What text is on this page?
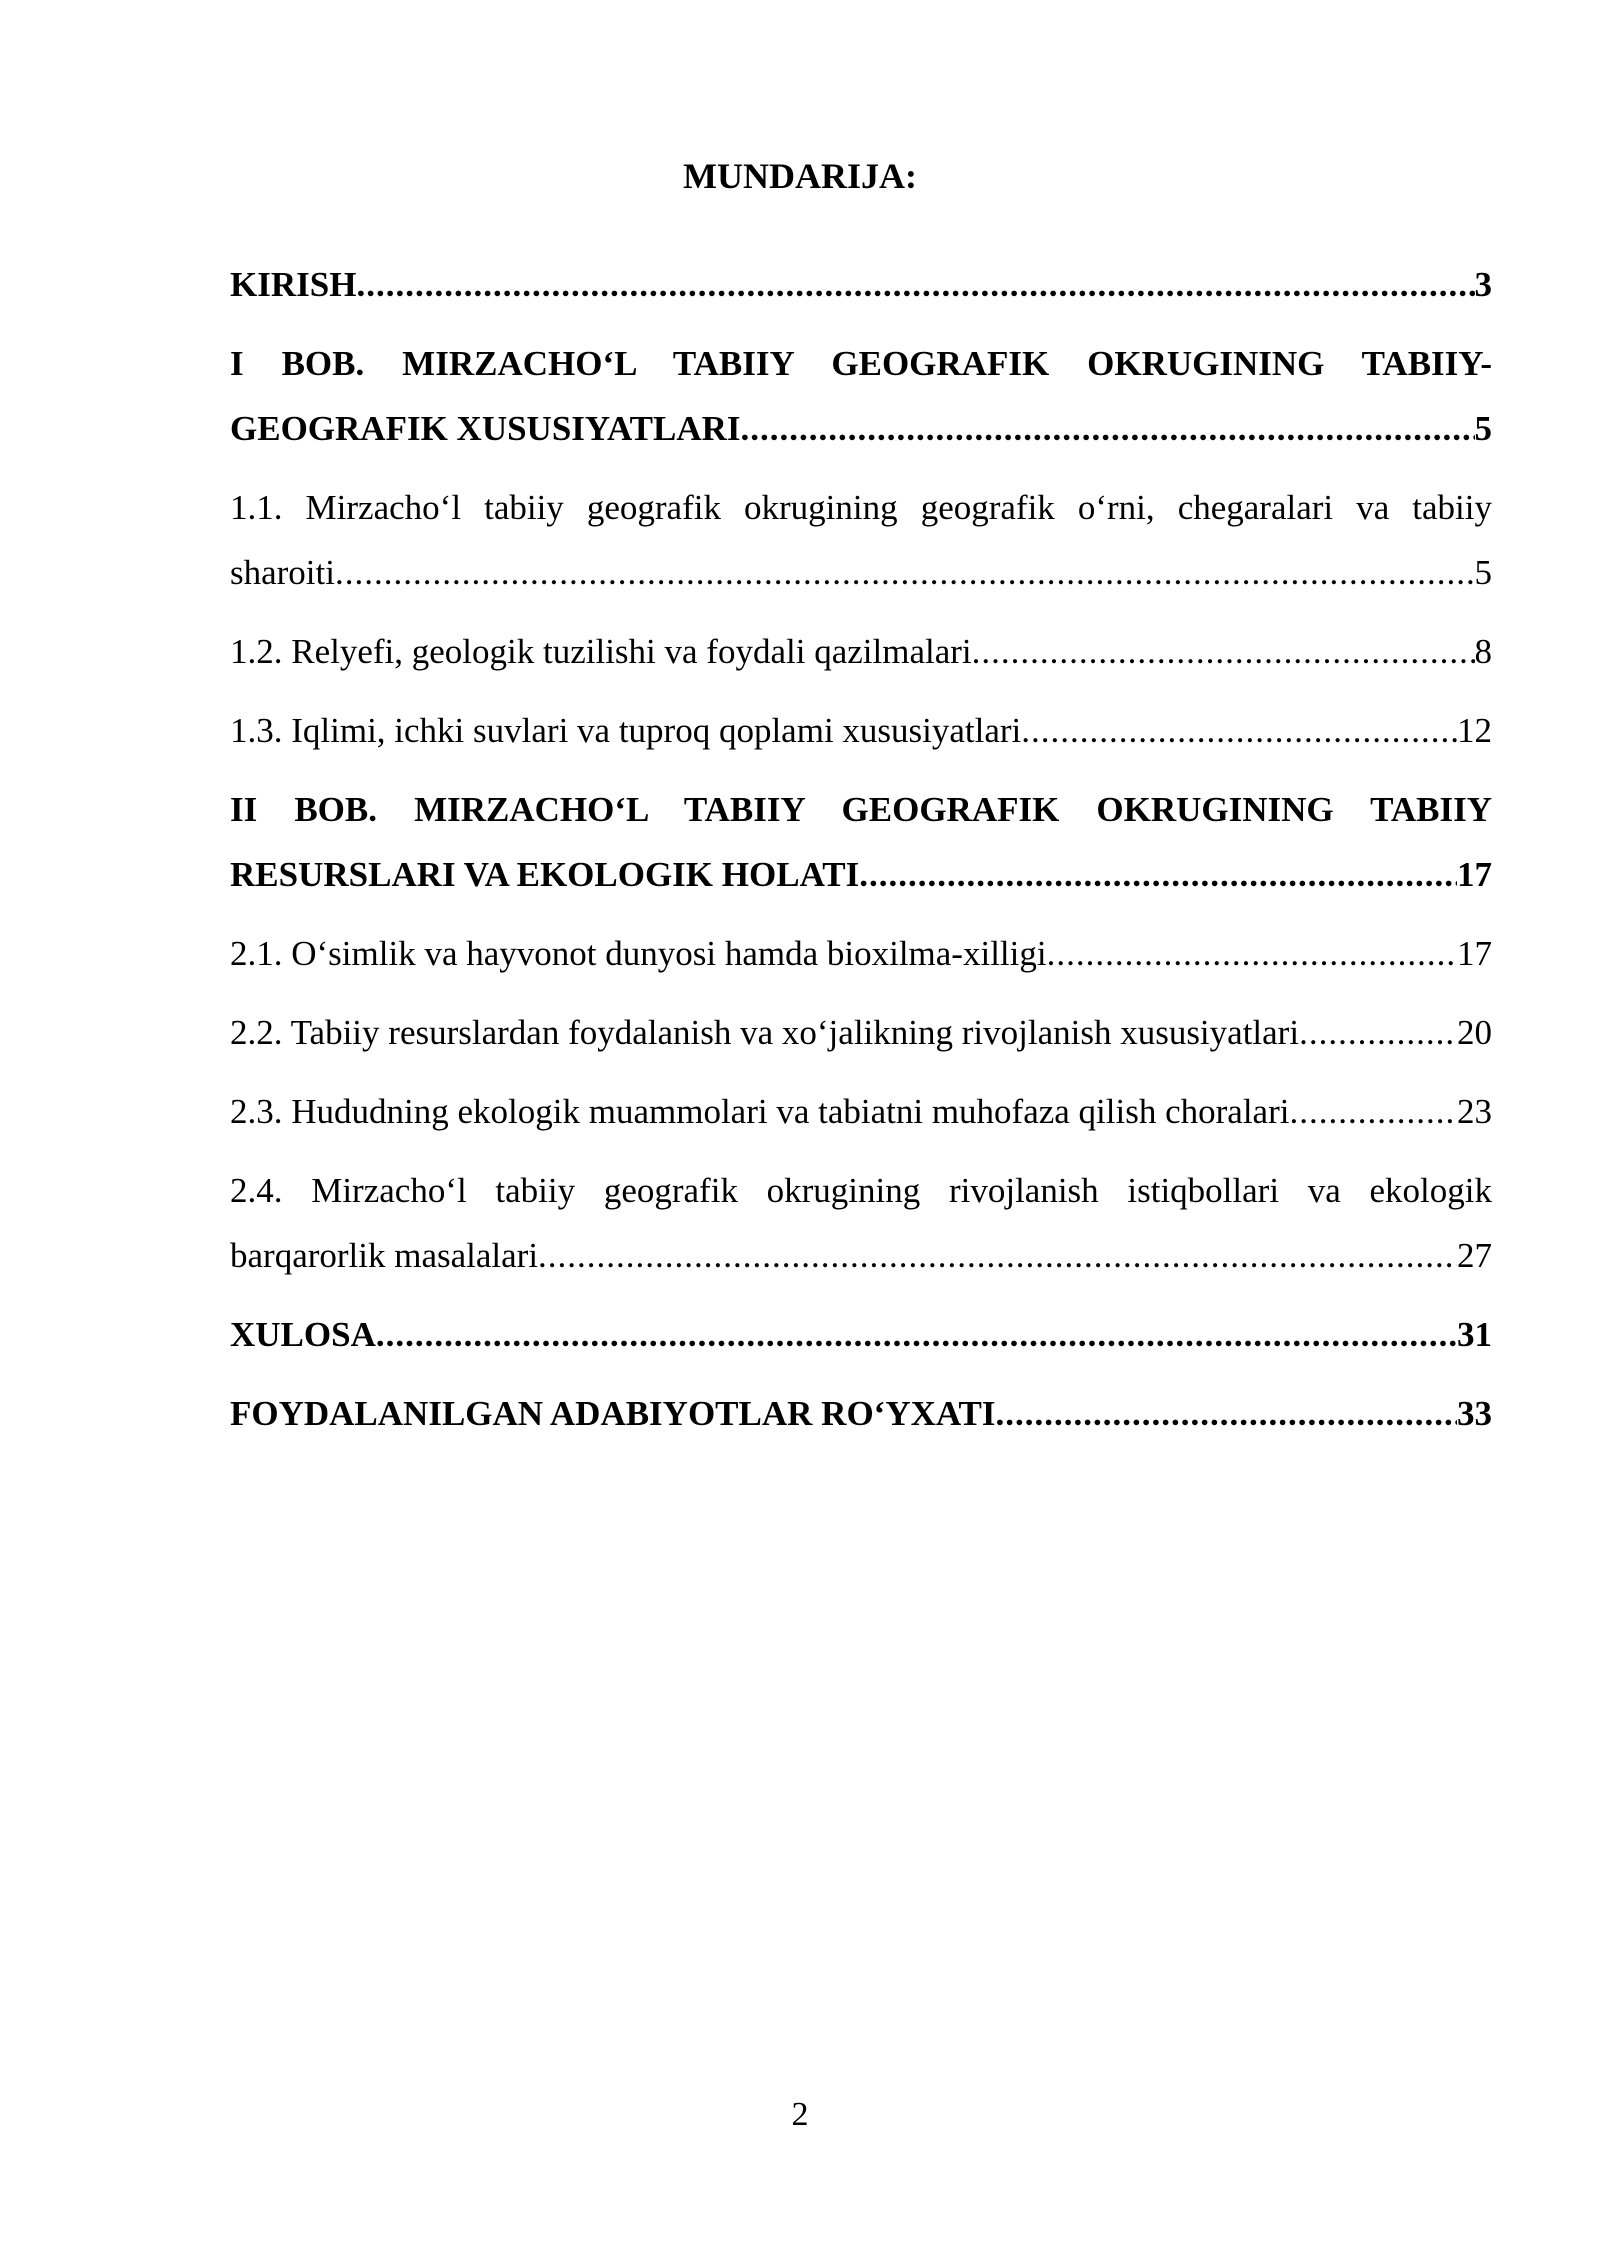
MUNDARIJA:
KIRISH .....	3
I BOB. MIRZACHO‘L TABIIY GEOGRAFIK OKRUGINING TABIIY-
GEOGRAFIK XUSUSIYATLARI .....	5
1.1. Mirzacho‘l tabiiy geografik okrugining geografik o‘rni, chegaralari va tabiiy
sharoiti .....	5
1.2. Relyefi, geologik tuzilishi va foydali qazilmalari .....	8
1.3. Iqlimi, ichki suvlari va tuproq qoplami xususiyatlari .....	12
II BOB. MIRZACHO‘L TABIIY GEOGRAFIK OKRUGINING TABIIY
RESURSLARI VA EKOLOGIK HOLATI .....	17
2.1. O‘simlik va hayvonot dunyosi hamda bioxilma-xilligi .....	17
2.2. Tabiiy resurslardan foydalanish va xo‘jalikning rivojlanish xususiyatlari .....	20
2.3. Hududning ekologik muammolari va tabiatni muhofaza qilish choralari .....	23
2.4. Mirzacho‘l tabiiy geografik okrugining rivojlanish istiqbollari va ekologik
barqarorlik masalalari .....	27
XULOSA .....	31
FOYDALANILGAN ADABIYOTLAR RO‘YXATI .....	33

2
